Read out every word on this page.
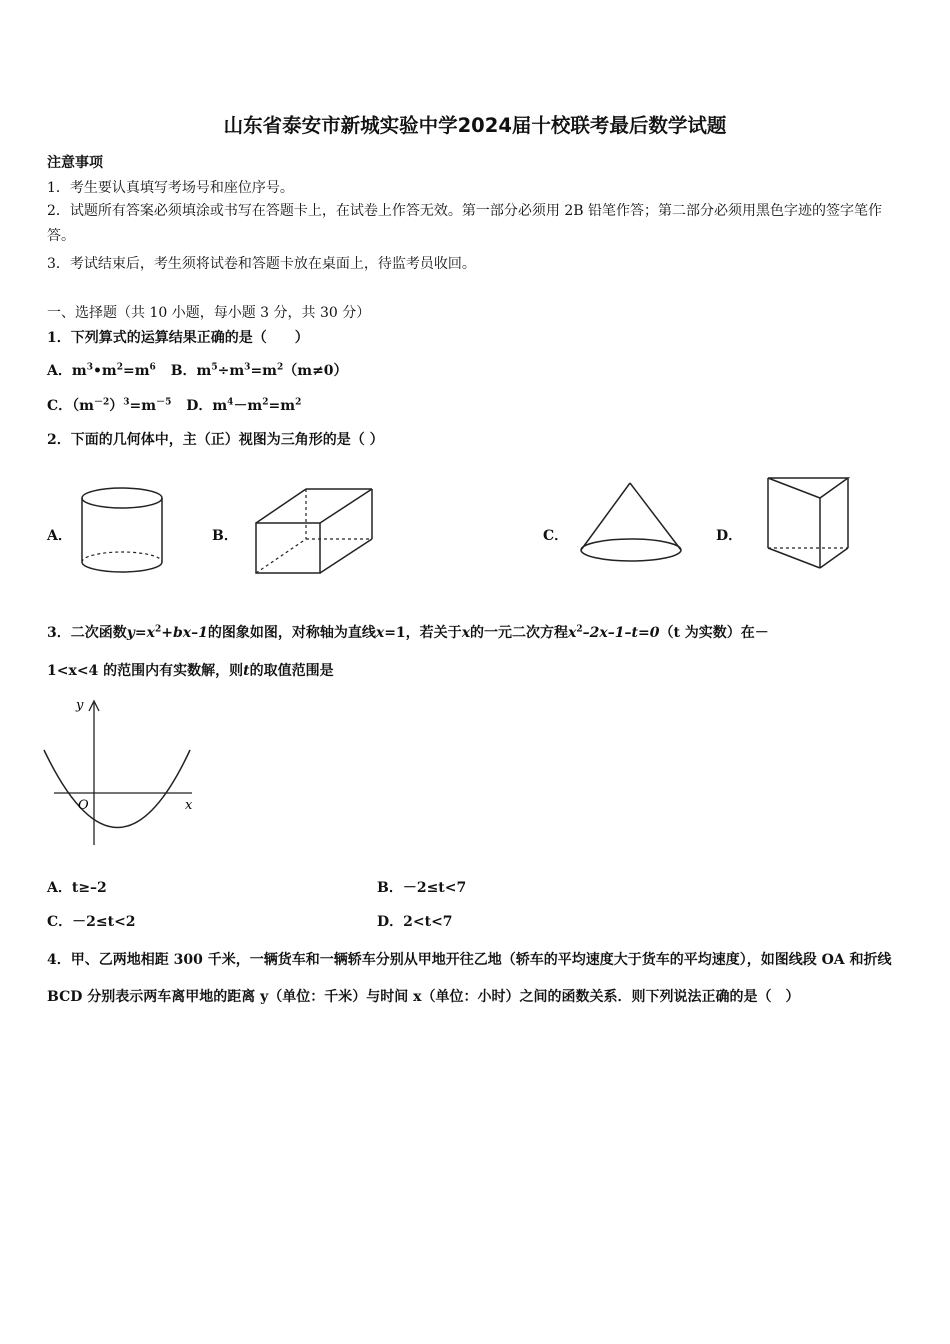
山东省泰安市新城实验中学2024届十校联考最后数学试题
注意事项
1．考生要认真填写考场号和座位序号。
2．试题所有答案必须填涂或书写在答题卡上，在试卷上作答无效。第一部分必须用 2B 铅笔作答；第二部分必须用黑色字迹的签字笔作答。
3．考试结束后，考生须将试卷和答题卡放在桌面上，待监考员收回。
一、选择题（共 10 小题，每小题 3 分，共 30 分）
1．下列算式的运算结果正确的是（　　）
A．$m^3•m^2=m^6$ B．$m^5\div m^3=m^2(m\ne 0)$
C．$(m^{-2})^3=m^{-5}$ D．$m^4-m^2=m^2$
2．下面的几何体中，主（正）视图为三角形的是（ ）
A．	B．	C．	D．
3．二次函数$y=x^2+bx-1$的图象如图，对称轴为直线x=1，若关于x的一元二次方程$x^2-2x-1-t=0(t$ 为实数）在－
1<x<4 的范围内有实数解，则t的取值范围是
y
x
O
A．t≥–2	B．－2≤t<7
C．－2≤t<2	D．2<t<7
4．甲、乙两地相距 300 千米，一辆货车和一辆轿车分别从甲地开往乙地（轿车的平均速度大于货车的平均速度），如图线段 OA 和折线 BCD 分别表示两车离甲地的距离 y（单位：千米）与时间 x（单位：小时）之间的函数关系．则下列说法正确的是（　）
